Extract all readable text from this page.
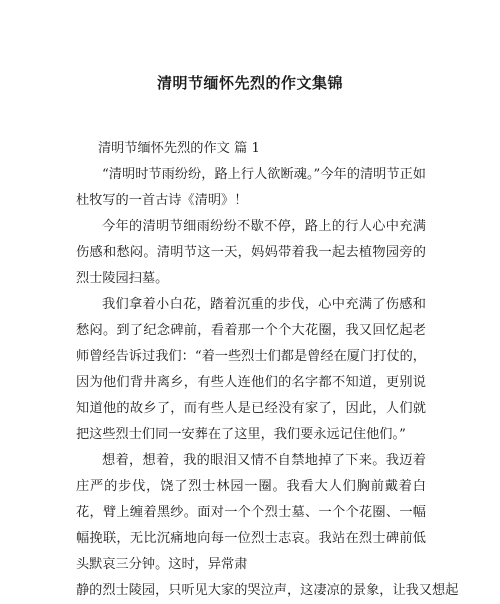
清明节缅怀先烈的作文集锦

清明节缅怀先烈的作文 篇 1

“清明时节雨纷纷，路上行人欲断魂。”今年的清明节正如杜牧写的一首古诗《清明》！

今年的清明节细雨纷纷不歇不停，路上的行人心中充满伤感和愁闷。清明节这一天，妈妈带着我一起去植物园旁的烈士陵园扫墓。

我们拿着小白花，踏着沉重的步伐，心中充满了伤感和愁闷。到了纪念碑前，看着那一个个大花圈，我又回忆起老师曾经告诉过我们：“着一些烈士们都是曾经在厦门打仗的，因为他们背井离乡，有些人连他们的名字都不知道，更别说知道他的故乡了，而有些人是已经没有家了，因此，人们就把这些烈士们同一安葬在了这里，我们要永远记住他们。”

想着，想着，我的眼泪又情不自禁地掉了下来。我迈着庄严的步伐，饶了烈士林园一圈。我看大人们胸前戴着白花，臂上缠着黑纱。面对一个个烈士墓、一个个花圈、一幅幅挽联，无比沉痛地向每一位烈士志哀。我站在烈士碑前低头默哀三分钟。这时，异常肃

静的烈士陵园，只听见大家的哭泣声，这凄凉的景象，让我又想起
